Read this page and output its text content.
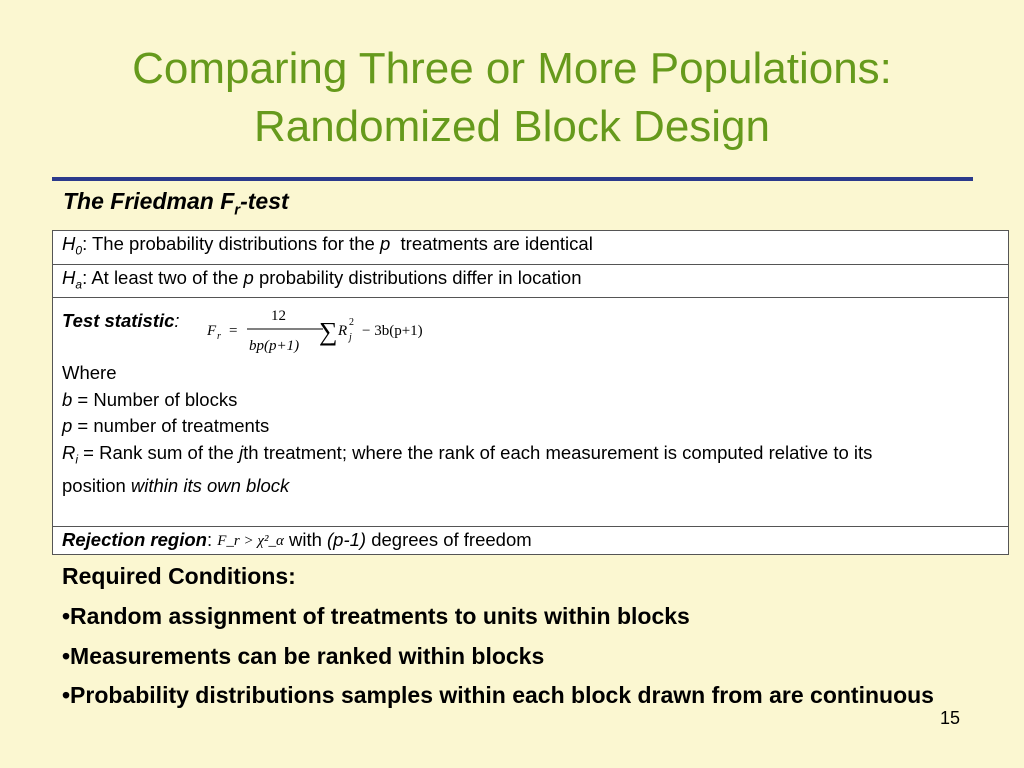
Comparing Three or More Populations:
Randomized Block Design
The Friedman $F_r$-test
$H_0$: The probability distributions for the p  treatments are identical
$H_a$: At least two of the p probability distributions differ in location
Test statistic: F r =
12
bp(p+1) ∑ R
2
j − 3b(p+1)
Where
b = Number of blocks
p = number of treatments
$R_i$ = Rank sum of the jth treatment; where the rank of each measurement is computed relative to its
position within its own block
Rejection region: F_r > χ²_α with (p-1) degrees of freedom
Required Conditions:
•Random assignment of treatments to units within blocks
•Measurements can be ranked within blocks
•Probability distributions samples within each block drawn from are continuous
15
